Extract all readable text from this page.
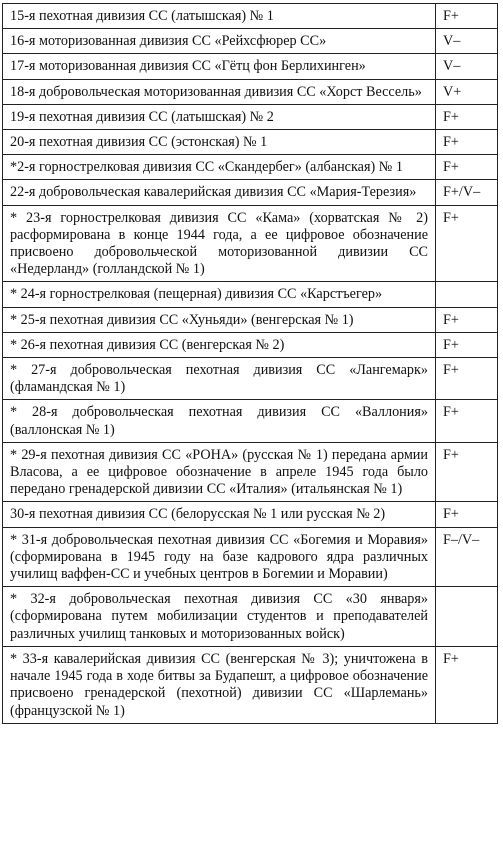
15-я пехотная дивизия СС (латышская) № 1	F+
16-я моторизованная дивизия СС «Рейхсфюрер СС»	V–
17-я моторизованная дивизия СС «Гётц фон Берлихинген»	V–
18-я добровольческая моторизованная дивизия СС «Хорст Вессель»	V+
19-я пехотная дивизия СС (латышская) № 2	F+
20-я пехотная дивизия СС (эстонская) № 1	F+
*2-я горнострелковая дивизия СС «Скандербег» (албанская) № 1	F+
22-я добровольческая кавалерийская дивизия СС «Мария-Терезия»	F+/V–
* 23-я горнострелковая дивизия СС «Кама» (хорватская № 2) расформирована в конце 1944 года, а ее цифровое обозначение присвоено добровольческой моторизованной дивизии СС «Недерланд» (голландской № 1)	F+
* 24-я горнострелковая (пещерная) дивизия СС «Карстъегер»	
* 25-я пехотная дивизия СС «Хуньяди» (венгерская № 1)	F+
* 26-я пехотная дивизия СС (венгерская № 2)	F+
* 27-я добровольческая пехотная дивизия СС «Лангемарк» (фламандская № 1)	F+
* 28-я добровольческая пехотная дивизия СС «Валлония» (валлонская № 1)	F+
* 29-я пехотная дивизия СС «РОНА» (русская № 1) передана армии Власова, а ее цифровое обозначение в апреле 1945 года было передано гренадерской дивизии СС «Италия» (итальянская № 1)	F+
30-я пехотная дивизия СС (белорусская № 1 или русская № 2)	F+
* 31-я добровольческая пехотная дивизия СС «Богемия и Моравия» (сформирована в 1945 году на базе кадрового ядра различных училищ ваффен-СС и учебных центров в Богемии и Моравии)	F–/V–
* 32-я добровольческая пехотная дивизия СС «30 января» (сформирована путем мобилизации студентов и преподавателей различных училищ танковых и моторизованных войск)	
* 33-я кавалерийская дивизия СС (венгерская № 3); уничтожена в начале 1945 года в ходе битвы за Будапешт, а цифровое обозначение присвоено гренадерской (пехотной) дивизии СС «Шарлемань» (французской № 1)	F+
